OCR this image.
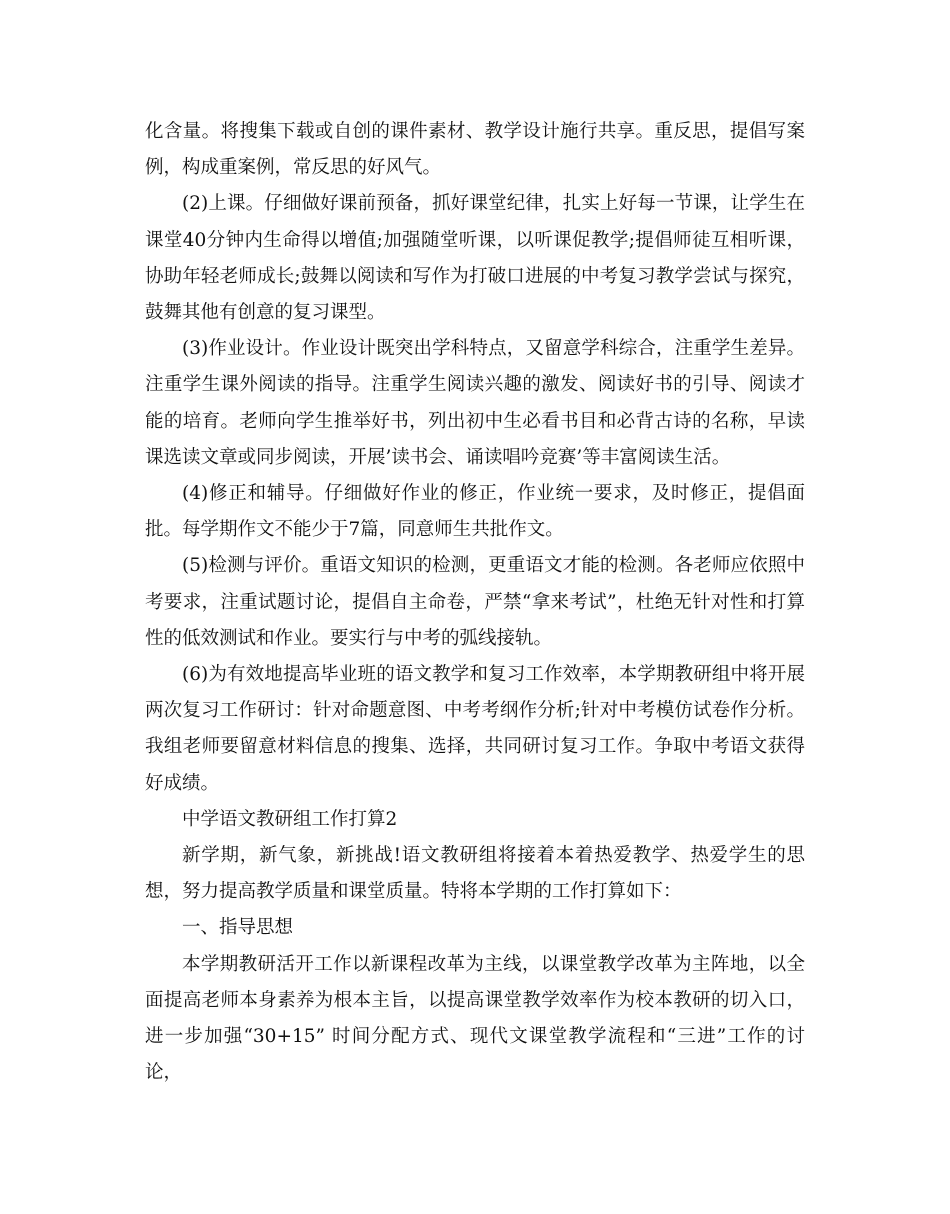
化含量。将搜集下载或自创的课件素材、教学设计施行共享。重反思，提倡写案例，构成重案例，常反思的好风气。

(2)上课。仔细做好课前预备，抓好课堂纪律，扎实上好每一节课，让学生在课堂40分钟内生命得以增值;加强随堂听课，以听课促教学;提倡师徒互相听课，协助年轻老师成长;鼓舞以阅读和写作为打破口进展的中考复习教学尝试与探究，鼓舞其他有创意的复习课型。

(3)作业设计。作业设计既突出学科特点，又留意学科综合，注重学生差异。注重学生课外阅读的指导。注重学生阅读兴趣的激发、阅读好书的引导、阅读才能的培育。老师向学生推举好书，列出初中生必看书目和必背古诗的名称，早读课选读文章或同步阅读，开展’读书会、诵读唱吟竞赛’等丰富阅读生活。

(4)修正和辅导。仔细做好作业的修正，作业统一要求，及时修正，提倡面批。每学期作文不能少于7篇，同意师生共批作文。

(5)检测与评价。重语文知识的检测，更重语文才能的检测。各老师应依照中考要求，注重试题讨论，提倡自主命卷，严禁“拿来考试”，杜绝无针对性和打算性的低效测试和作业。要实行与中考的弧线接轨。

(6)为有效地提高毕业班的语文教学和复习工作效率，本学期教研组中将开展两次复习工作研讨：针对命题意图、中考考纲作分析;针对中考模仿试卷作分析。我组老师要留意材料信息的搜集、选择，共同研讨复习工作。争取中考语文获得好成绩。

中学语文教研组工作打算2

新学期，新气象，新挑战!语文教研组将接着本着热爱教学、热爱学生的思想，努力提高教学质量和课堂质量。特将本学期的工作打算如下：

一、指导思想

本学期教研活开工作以新课程改革为主线，以课堂教学改革为主阵地，以全面提高老师本身素养为根本主旨，以提高课堂教学效率作为校本教研的切入口，进一步加强“30+15” 时间分配方式、现代文课堂教学流程和“三进”工作的讨论，
